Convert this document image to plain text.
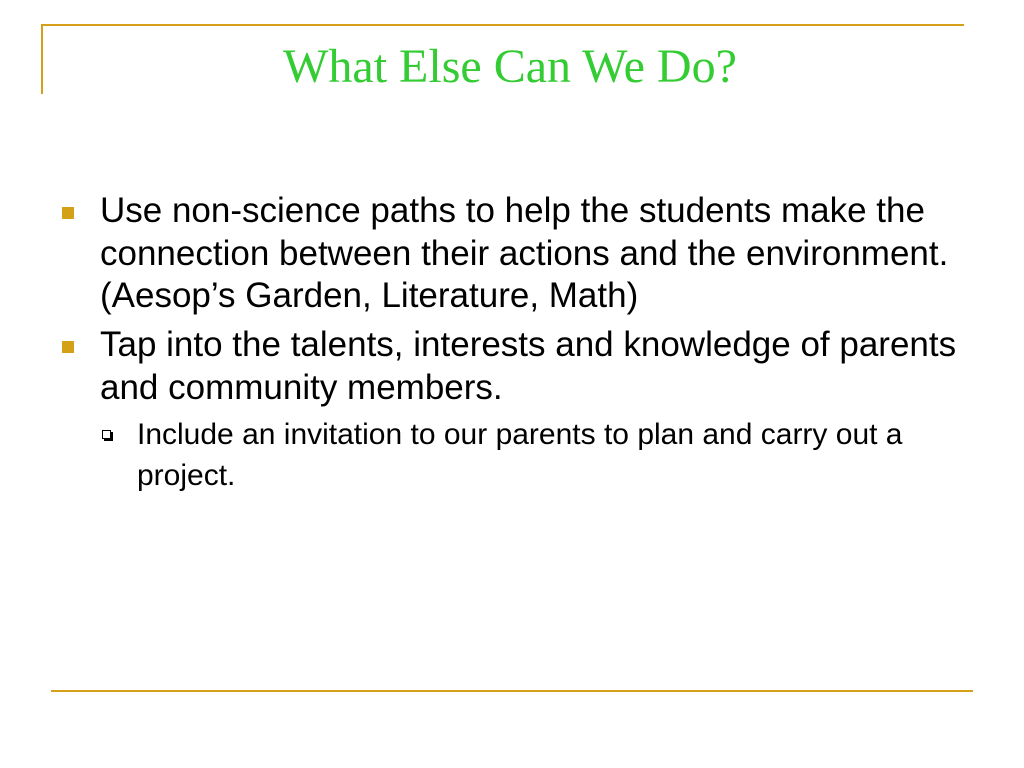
What Else Can We Do?
Use non-science paths to help the students make the connection between their actions and the environment. (Aesop’s Garden, Literature, Math)
Tap into the talents, interests and knowledge of parents and community members.
Include an invitation to our parents to plan and carry out a project.
